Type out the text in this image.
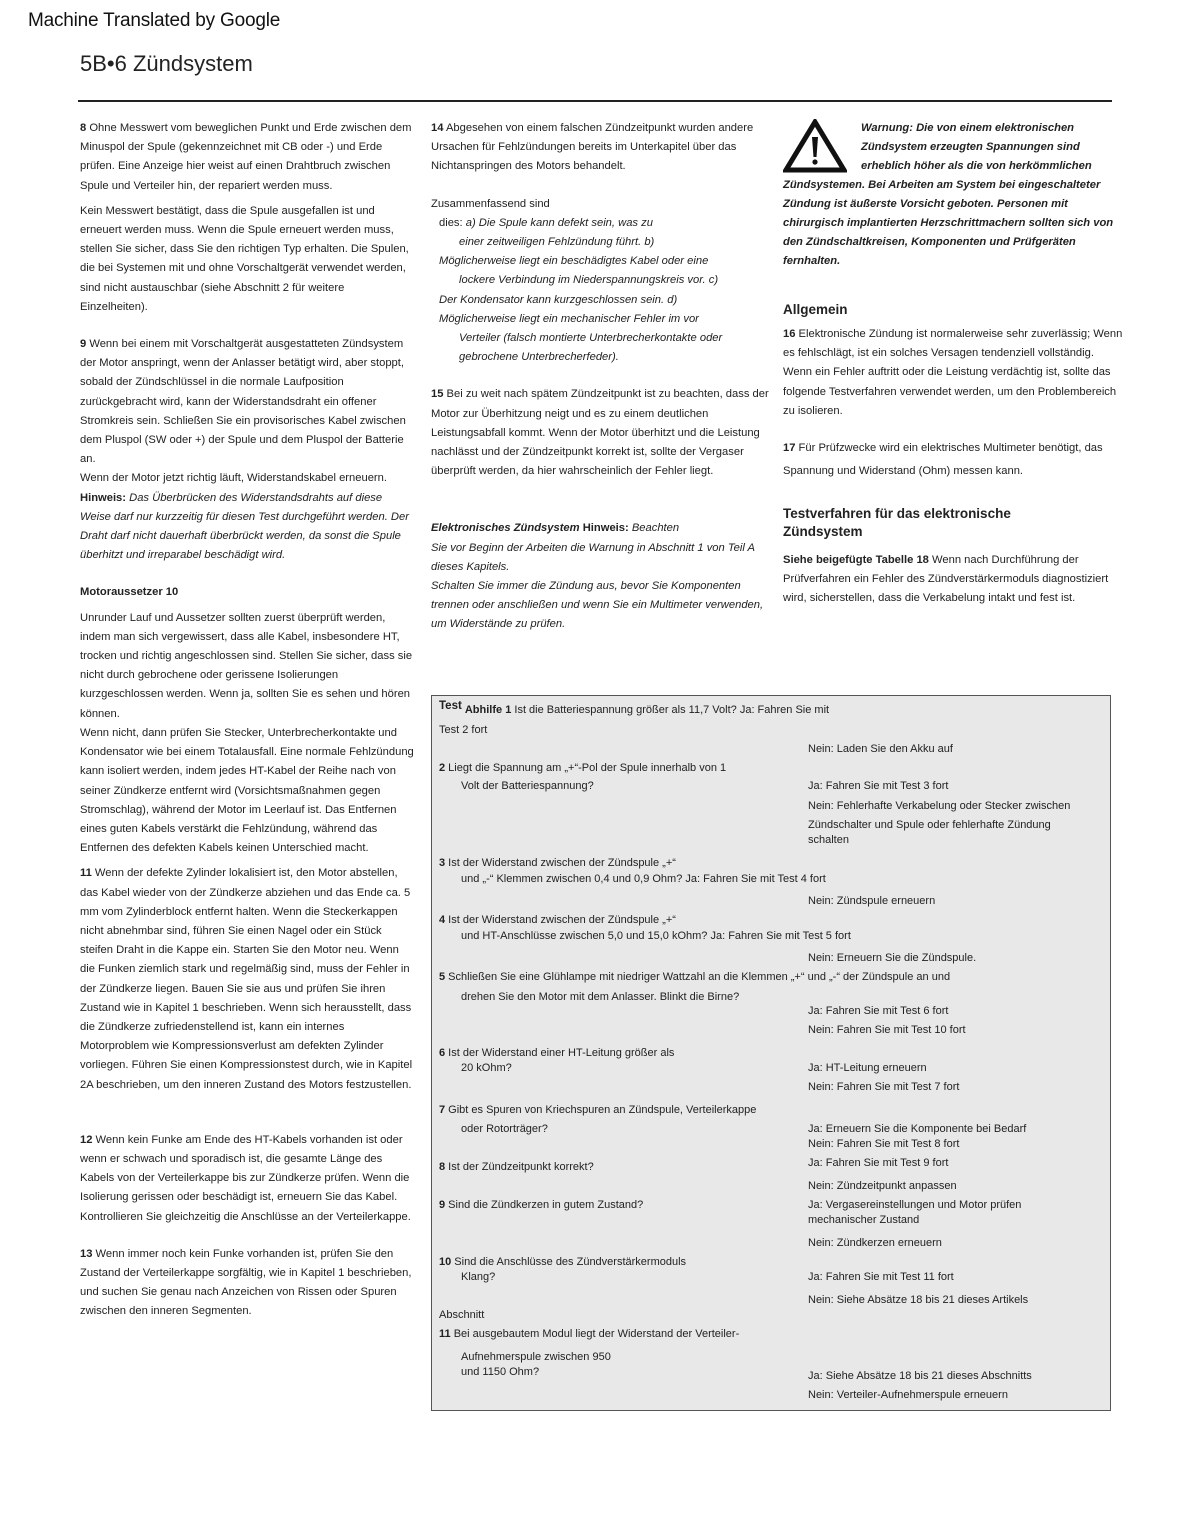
Machine Translated by Google
5B•6 Zündsystem

8 Ohne Messwert vom beweglichen Punkt und Erde zwischen dem Minuspol der Spule (gekennzeichnet mit CB oder -) und Erde prüfen. Eine Anzeige hier weist auf einen Drahtbruch zwischen Spule und Verteiler hin, der repariert werden muss.

Kein Messwert bestätigt, dass die Spule ausgefallen ist und erneuert werden muss. Wenn die Spule erneuert werden muss, stellen Sie sicher, dass Sie den richtigen Typ erhalten. Die Spulen, die bei Systemen mit und ohne Vorschaltgerät verwendet werden, sind nicht austauschbar (siehe Abschnitt 2 für weitere Einzelheiten).

9 Wenn bei einem mit Vorschaltgerät ausgestatteten Zündsystem der Motor anspringt, wenn der Anlasser betätigt wird, aber stoppt, sobald der Zündschlüssel in die normale Laufposition zurückgebracht wird, kann der Widerstandsdraht ein offener Stromkreis sein. Schließen Sie ein provisorisches Kabel zwischen dem Pluspol (SW oder +) der Spule und dem Pluspol der Batterie an.

Wenn der Motor jetzt richtig läuft, Widerstandskabel erneuern.

Hinweis: Das Überbrücken des Widerstandsdrahts auf diese Weise darf nur kurzzeitig für diesen Test durchgeführt werden. Der Draht darf nicht dauerhaft überbrückt werden, da sonst die Spule überhitzt und irreparabel beschädigt wird.

Motoraussetzer 10

Unrunder Lauf und Aussetzer sollten zuerst überprüft werden, indem man sich vergewissert, dass alle Kabel, insbesondere HT, trocken und richtig angeschlossen sind. Stellen Sie sicher, dass sie nicht durch gebrochene oder gerissene Isolierungen kurzgeschlossen werden. Wenn ja, sollten Sie es sehen und hören können.

Wenn nicht, dann prüfen Sie Stecker, Unterbrecherkontakte und Kondensator wie bei einem Totalausfall. Eine normale Fehlzündung kann isoliert werden, indem jedes HT-Kabel der Reihe nach von seiner Zündkerze entfernt wird (Vorsichtsmaßnahmen gegen Stromschlag), während der Motor im Leerlauf ist. Das Entfernen eines guten Kabels verstärkt die Fehlzündung, während das Entfernen des defekten Kabels keinen Unterschied macht.

11 Wenn der defekte Zylinder lokalisiert ist, den Motor abstellen, das Kabel wieder von der Zündkerze abziehen und das Ende ca. 5 mm vom Zylinderblock entfernt halten. Wenn die Steckerkappen nicht abnehmbar sind, führen Sie einen Nagel oder ein Stück steifen Draht in die Kappe ein. Starten Sie den Motor neu. Wenn die Funken ziemlich stark und regelmäßig sind, muss der Fehler in der Zündkerze liegen. Bauen Sie sie aus und prüfen Sie ihren Zustand wie in Kapitel 1 beschrieben. Wenn sich herausstellt, dass die Zündkerze zufriedenstellend ist, kann ein internes Motorproblem wie Kompressionsverlust am defekten Zylinder vorliegen. Führen Sie einen Kompressionstest durch, wie in Kapitel 2A beschrieben, um den inneren Zustand des Motors festzustellen.

12 Wenn kein Funke am Ende des HT-Kabels vorhanden ist oder wenn er schwach und sporadisch ist, die gesamte Länge des Kabels von der Verteilerkappe bis zur Zündkerze prüfen. Wenn die Isolierung gerissen oder beschädigt ist, erneuern Sie das Kabel. Kontrollieren Sie gleichzeitig die Anschlüsse an der Verteilerkappe.

13 Wenn immer noch kein Funke vorhanden ist, prüfen Sie den Zustand der Verteilerkappe sorgfältig, wie in Kapitel 1 beschrieben, und suchen Sie genau nach Anzeichen von Rissen oder Spuren zwischen den inneren Segmenten.

14 Abgesehen von einem falschen Zündzeitpunkt wurden andere Ursachen für Fehlzündungen bereits im Unterkapitel über das Nichtanspringen des Motors behandelt.

Zusammenfassend sind

dies: a) Die Spule kann defekt sein, was zu

einer zeitweiligen Fehlzündung führt. b)

Möglicherweise liegt ein beschädigtes Kabel oder eine

lockere Verbindung im Niederspannungskreis vor. c)

Der Kondensator kann kurzgeschlossen sein. d)

Möglicherweise liegt ein mechanischer Fehler im vor

Verteiler (falsch montierte Unterbrecherkontakte oder gebrochene Unterbrecherfeder).

15 Bei zu weit nach spätem Zündzeitpunkt ist zu beachten, dass der Motor zur Überhitzung neigt und es zu einem deutlichen Leistungsabfall kommt. Wenn der Motor überhitzt und die Leistung nachlässt und der Zündzeitpunkt korrekt ist, sollte der Vergaser überprüft werden, da hier wahrscheinlich der Fehler liegt.

Elektronisches Zündsystem Hinweis: Beachten

Sie vor Beginn der Arbeiten die Warnung in Abschnitt 1 von Teil A dieses Kapitels.

Schalten Sie immer die Zündung aus, bevor Sie Komponenten trennen oder anschließen und wenn Sie ein Multimeter verwenden, um Widerstände zu prüfen.

Warnung: Die von einem elektronischen Zündsystem erzeugten Spannungen sind erheblich höher als die von herkömmlichen Zündsystemen. Bei Arbeiten am System bei eingeschalteter Zündung ist äußerste Vorsicht geboten. Personen mit chirurgisch implantierten Herzschrittmachern sollten sich von den Zündschaltkreisen, Komponenten und Prüfgeräten fernhalten.

Allgemein

16 Elektronische Zündung ist normalerweise sehr zuverlässig; Wenn es fehlschlägt, ist ein solches Versagen tendenziell vollständig. Wenn ein Fehler auftritt oder die Leistung verdächtig ist, sollte das folgende Testverfahren verwendet werden, um den Problembereich zu isolieren.

17 Für Prüfzwecke wird ein elektrisches Multimeter benötigt, das Spannung und Widerstand (Ohm) messen kann.

Testverfahren für das elektronische Zündsystem

Siehe beigefügte Tabelle 18 Wenn nach Durchführung der Prüfverfahren ein Fehler des Zündverstärkermoduls diagnostiziert wird, sicherstellen, dass die Verkabelung intakt und fest ist.

Test Abhilfe 1 Ist die Batteriespannung größer als 11,7 Volt? Ja: Fahren Sie mit
Test 2 fort
Nein: Laden Sie den Akku auf
2 Liegt die Spannung am „+“-Pol der Spule innerhalb von 1
Volt der Batteriespannung?	Ja: Fahren Sie mit Test 3 fort
Nein: Fehlerhafte Verkabelung oder Stecker zwischen
Zündschalter und Spule oder fehlerhafte Zündung
schalten
3 Ist der Widerstand zwischen der Zündspule „+“
und „-“ Klemmen zwischen 0,4 und 0,9 Ohm? Ja: Fahren Sie mit Test 4 fort
Nein: Zündspule erneuern
4 Ist der Widerstand zwischen der Zündspule „+“
und HT-Anschlüsse zwischen 5,0 und 15,0 kOhm? Ja: Fahren Sie mit Test 5 fort
Nein: Erneuern Sie die Zündspule.
5 Schließen Sie eine Glühlampe mit niedriger Wattzahl an die Klemmen „+“ und „-“ der Zündspule an und
drehen Sie den Motor mit dem Anlasser. Blinkt die Birne?
Ja: Fahren Sie mit Test 6 fort
Nein: Fahren Sie mit Test 10 fort
6 Ist der Widerstand einer HT-Leitung größer als
20 kOhm?	Ja: HT-Leitung erneuern
Nein: Fahren Sie mit Test 7 fort
7 Gibt es Spuren von Kriechspuren an Zündspule, Verteilerkappe
oder Rotorträger?	Ja: Erneuern Sie die Komponente bei Bedarf
Nein: Fahren Sie mit Test 8 fort
8 Ist der Zündzeitpunkt korrekt?	Ja: Fahren Sie mit Test 9 fort
Nein: Zündzeitpunkt anpassen
9 Sind die Zündkerzen in gutem Zustand?	Ja: Vergasereinstellungen und Motor prüfen
mechanischer Zustand
Nein: Zündkerzen erneuern
10 Sind die Anschlüsse des Zündverstärkermoduls
Klang?	Ja: Fahren Sie mit Test 11 fort
Nein: Siehe Absätze 18 bis 21 dieses Artikels
Abschnitt
11 Bei ausgebautem Modul liegt der Widerstand der Verteiler-
Aufnehmerspule zwischen 950
und 1150 Ohm?	Ja: Siehe Absätze 18 bis 21 dieses Abschnitts
Nein: Verteiler-Aufnehmerspule erneuern
